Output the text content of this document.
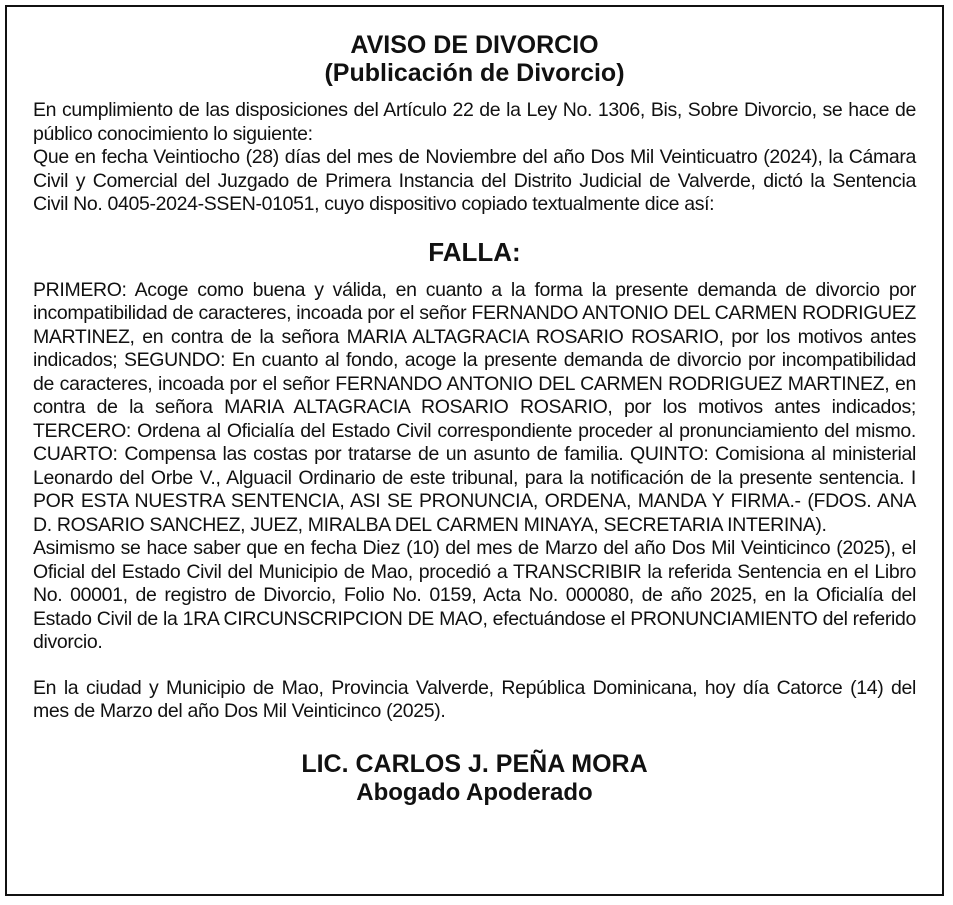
AVISO DE DIVORCIO
(Publicación de Divorcio)

En cumplimiento de las disposiciones del Artículo 22 de la Ley No. 1306, Bis, Sobre Divorcio, se hace de público conocimiento lo siguiente:

Que en fecha Veintiocho (28) días del mes de Noviembre del año Dos Mil Veinticuatro (2024), la Cámara Civil y Comercial del Juzgado de Primera Instancia del Distrito Judicial de Valverde, dictó la Sentencia Civil No. 0405-2024-SSEN-01051, cuyo dispositivo copiado textualmente dice así:

FALLA:

PRIMERO: Acoge como buena y válida, en cuanto a la forma la presente demanda de divorcio por incompatibilidad de caracteres, incoada por el señor FERNANDO ANTONIO DEL CARMEN RODRIGUEZ MARTINEZ, en contra de la señora MARIA ALTAGRACIA ROSARIO ROSARIO, por los motivos antes indicados; SEGUNDO: En cuanto al fondo, acoge la presente demanda de divorcio por incompatibilidad de caracteres, incoada por el señor FERNANDO ANTONIO DEL CARMEN RODRIGUEZ MARTINEZ, en contra de la señora MARIA ALTAGRACIA ROSARIO ROSARIO, por los motivos antes indicados; TERCERO: Ordena al Oficialía del Estado Civil correspondiente proceder al pronunciamiento del mismo. CUARTO: Compensa las costas por tratarse de un asunto de familia. QUINTO: Comisiona al ministerial Leonardo del Orbe V., Alguacil Ordinario de este tribunal, para la notificación de la presente sentencia. I POR ESTA NUESTRA SENTENCIA, ASI SE PRONUNCIA, ORDENA, MANDA Y FIRMA.- (FDOS. ANA D. ROSARIO SANCHEZ, JUEZ, MIRALBA DEL CARMEN MINAYA, SECRETARIA INTERINA).

Asimismo se hace saber que en fecha Diez (10) del mes de Marzo del año Dos Mil Veinticinco (2025), el Oficial del Estado Civil del Municipio de Mao, procedió a TRANSCRIBIR la referida Sentencia en el Libro No. 00001, de registro de Divorcio, Folio No. 0159, Acta No. 000080, de año 2025, en la Oficialía del Estado Civil de la 1RA CIRCUNSCRIPCION DE MAO, efectuándose el PRONUNCIAMIENTO del referido divorcio.

En la ciudad y Municipio de Mao, Provincia Valverde, República Dominicana, hoy día Catorce (14) del mes de Marzo del año Dos Mil Veinticinco (2025).

LIC. CARLOS J. PEÑA MORA
Abogado Apoderado
